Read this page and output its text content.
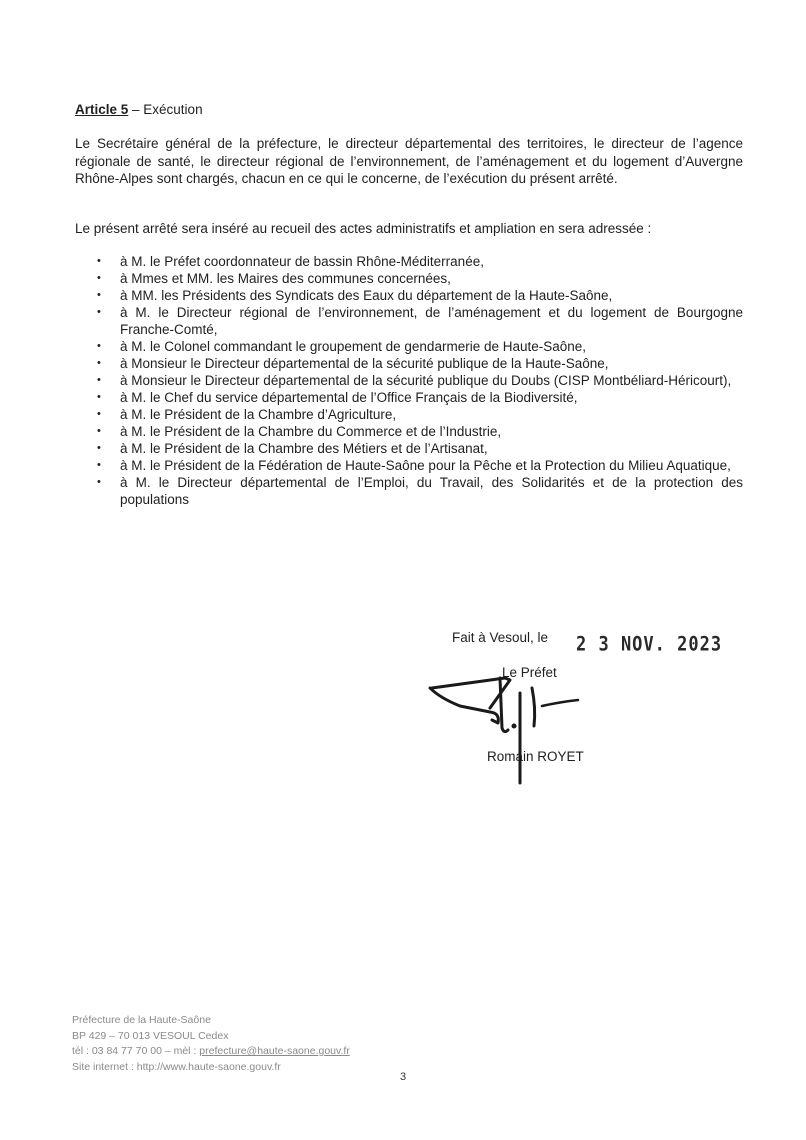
Article 5 – Exécution
Le Secrétaire général de la préfecture, le directeur départemental des territoires, le directeur de l’agence régionale de santé, le directeur régional de l’environnement, de l’aménagement et du logement d’Auvergne Rhône-Alpes sont chargés, chacun en ce qui le concerne, de l’exécution du présent arrêté.
Le présent arrêté sera inséré au recueil des actes administratifs et ampliation en sera adressée :
• à M. le Préfet coordonnateur de bassin Rhône-Méditerranée,
• à Mmes et MM. les Maires des communes concernées,
• à MM. les Présidents des Syndicats des Eaux du département de la Haute-Saône,
• à M. le Directeur régional de l’environnement, de l’aménagement et du logement de Bourgogne Franche-Comté,
• à M. le Colonel commandant le groupement de gendarmerie de Haute-Saône,
• à Monsieur le Directeur départemental de la sécurité publique de la Haute-Saône,
• à Monsieur le Directeur départemental de la sécurité publique du Doubs (CISP Montbéliard-Héricourt),
• à M. le Chef du service départemental de l’Office Français de la Biodiversité,
• à M. le Président de la Chambre d’Agriculture,
• à M. le Président de la Chambre du Commerce et de l’Industrie,
• à M. le Président de la Chambre des Métiers et de l’Artisanat,
• à M. le Président de la Fédération de Haute-Saône pour la Pêche et la Protection du Milieu Aquatique,
• à M. le Directeur départemental de l’Emploi, du Travail, des Solidarités et de la protection des populations
Fait à Vesoul, le 2 3 NOV. 2023
Le Préfet
Romain ROYET
Préfecture de la Haute-Saône
BP 429 – 70 013 VESOUL Cedex
tél : 03 84 77 70 00 – mèl : prefecture@haute-saone.gouv.fr
Site internet : http://www.haute-saone.gouv.fr
3
